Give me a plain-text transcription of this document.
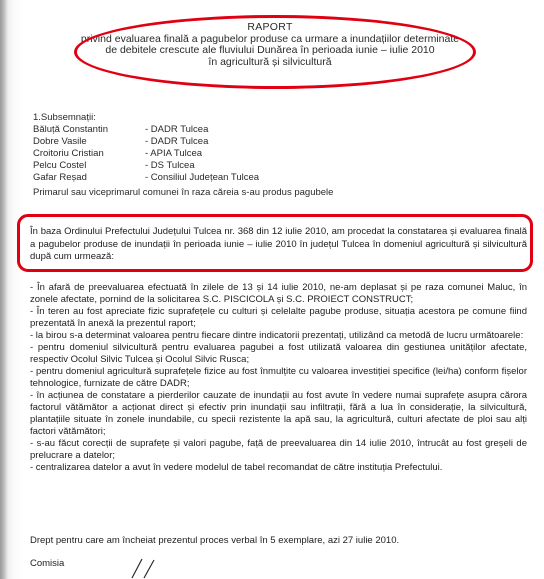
RAPORT
privind evaluarea finală a pagubelor produse ca urmare a inundațiilor determinate
de debitele crescute ale fluviului Dunărea în perioada iunie – iulie 2010
în agricultură și silvicultură
1.Subsemnații:
Băluță Constantin	- DADR Tulcea
Dobre Vasile	- DADR Tulcea
Croitoriu Cristian	- APIA Tulcea
Pelcu Costel	- DS Tulcea
Gafar Reșad	- Consiliul Județean Tulcea
Primarul sau viceprimarul comunei în raza căreia s-au produs pagubele
În baza Ordinului Prefectului Județului Tulcea nr. 368 din 12 iulie 2010, am procedat la constatarea și evaluarea finală a pagubelor produse de inundații în perioada iunie – iulie 2010 în județul Tulcea în domeniul agricultură și silvicultură după cum urmează:

- În afară de preevaluarea efectuată în zilele de 13 și 14 iulie 2010, ne-am deplasat și pe raza comunei Maluc, în zonele afectate, pornind de la solicitarea S.C. PISCICOLA și S.C. PROIECT CONSTRUCT;

- În teren au fost apreciate fizic suprafețele cu culturi și celelalte pagube produse, situația acestora pe comune fiind prezentată în anexă la prezentul raport;

- la birou s-a determinat valoarea pentru fiecare dintre indicatorii prezentați, utilizând ca metodă de lucru următoarele:

- pentru domeniul silvicultură pentru evaluarea pagubei a fost utilizată valoarea din gestiunea unităților afectate, respectiv Ocolul Silvic Tulcea și Ocolul Silvic Rusca;

- pentru domeniul agricultură suprafețele fizice au fost înmulțite cu valoarea investiției specifice (lei/ha) conform fișelor tehnologice, furnizate de către DADR;

- în acțiunea de constatare a pierderilor cauzate de inundații au fost avute în vedere numai suprafețe asupra cărora factorul vătămător a acționat direct și efectiv prin inundații sau infiltrații, fără a lua în considerație, la silvicultură, plantațiile situate în zonele inundabile, cu specii rezistente la apă sau, la agricultură, culturi afectate de ploi sau alți factori vătămători;

- s-au făcut corecții de suprafețe și valori pagube, față de preevaluarea din 14 iulie 2010, întrucât au fost greșeli de prelucrare a datelor;

- centralizarea datelor a avut în vedere modelul de tabel recomandat de către instituția Prefectului.

Drept pentru care am încheiat prezentul proces verbal în 5 exemplare, azi 27 iulie 2010.
Comisia
